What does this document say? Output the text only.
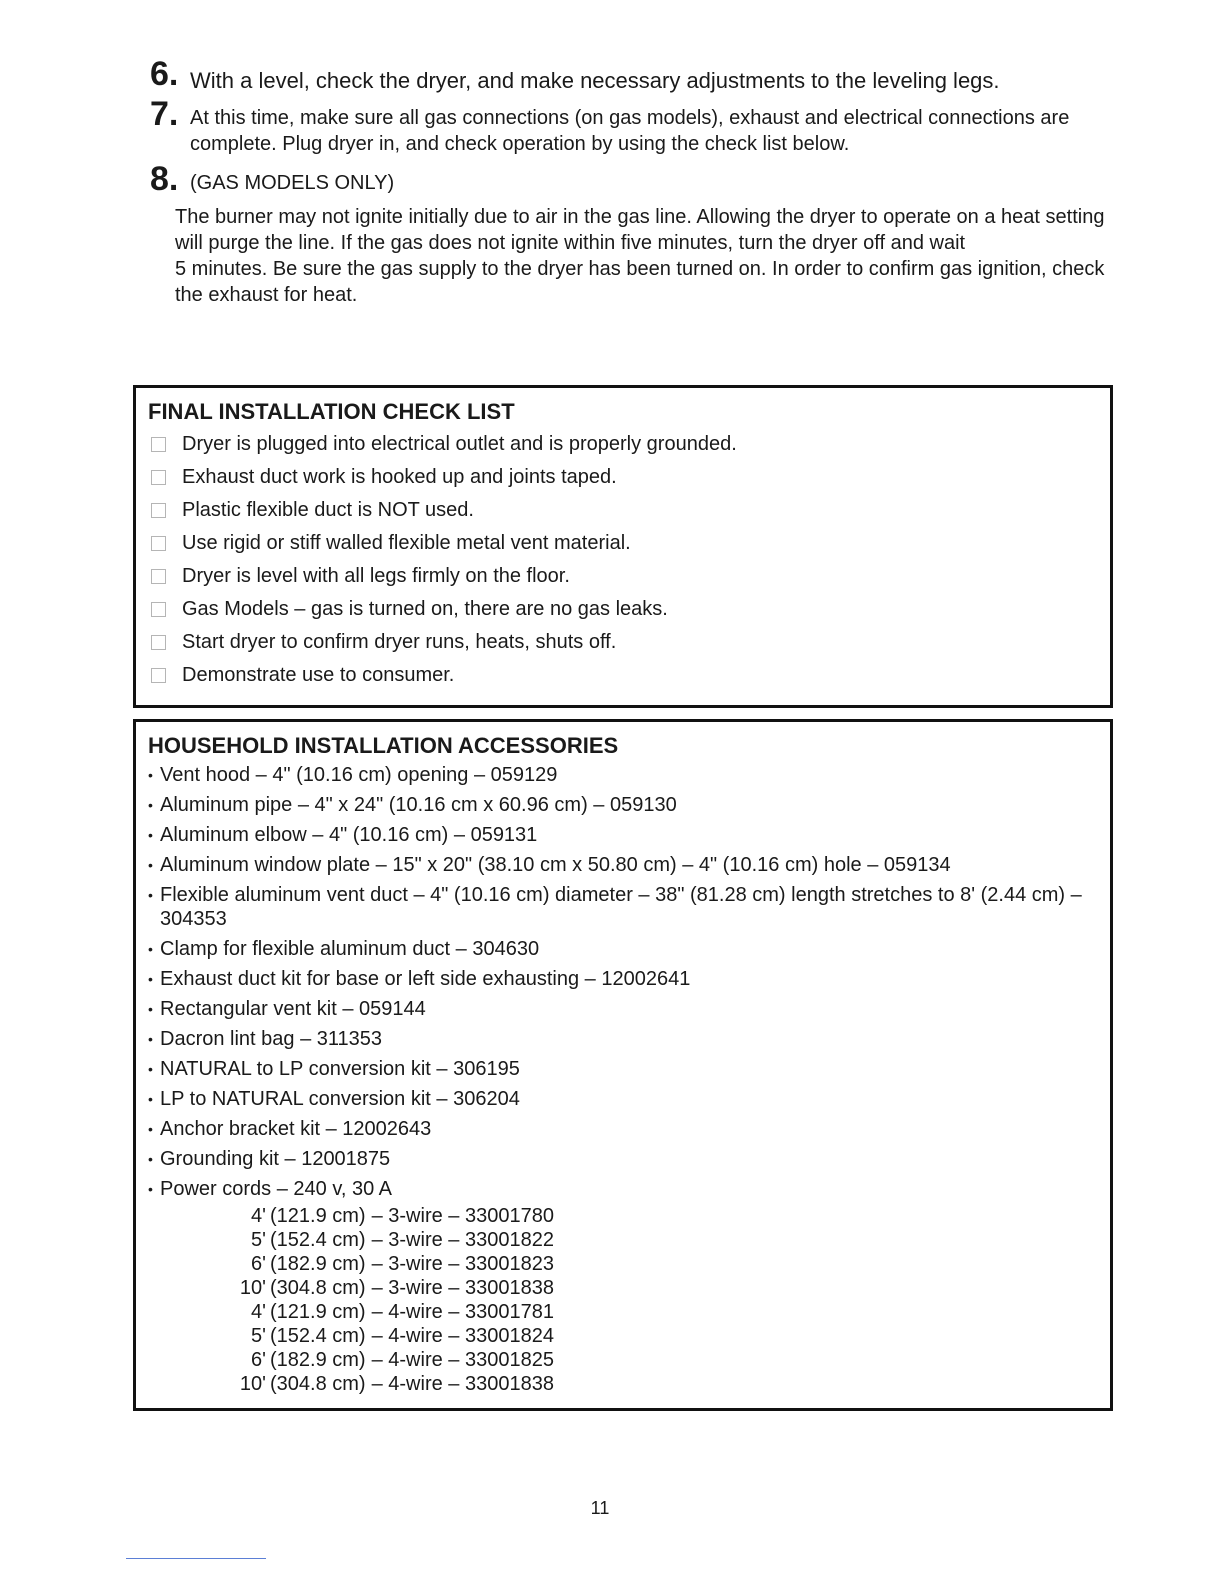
6. With a level, check the dryer, and make necessary adjustments to the leveling legs.
7. At this time, make sure all gas connections (on gas models), exhaust and electrical connections are complete. Plug dryer in, and check operation by using the check list below.
8. (GAS MODELS ONLY)
The burner may not ignite initially due to air in the gas line. Allowing the dryer to operate on a heat setting will purge the line. If the gas does not ignite within five minutes, turn the dryer off and wait
5 minutes. Be sure the gas supply to the dryer has been turned on. In order to confirm gas ignition, check the exhaust for heat.
FINAL INSTALLATION CHECK LIST
Dryer is plugged into electrical outlet and is properly grounded.
Exhaust duct work is hooked up and joints taped.
Plastic flexible duct is NOT used.
Use rigid or stiff walled flexible metal vent material.
Dryer is level with all legs firmly on the floor.
Gas Models – gas is turned on, there are no gas leaks.
Start dryer to confirm dryer runs, heats, shuts off.
Demonstrate use to consumer.
HOUSEHOLD INSTALLATION ACCESSORIES
• Vent hood – 4" (10.16 cm) opening – 059129
• Aluminum pipe – 4" x 24" (10.16 cm x 60.96 cm) – 059130
• Aluminum elbow – 4" (10.16 cm) – 059131
• Aluminum window plate – 15" x 20" (38.10 cm x 50.80 cm) – 4" (10.16 cm) hole – 059134
• Flexible aluminum vent duct – 4" (10.16 cm) diameter – 38" (81.28 cm) length stretches to 8' (2.44 cm) – 304353
• Clamp for flexible aluminum duct – 304630
• Exhaust duct kit for base or left side exhausting – 12002641
• Rectangular vent kit – 059144
• Dacron lint bag – 311353
• NATURAL to LP conversion kit – 306195
• LP to NATURAL conversion kit – 306204
• Anchor bracket kit – 12002643
• Grounding kit – 12001875
• Power cords – 240 v, 30 A
4' (121.9 cm) – 3-wire – 33001780
5' (152.4 cm) – 3-wire – 33001822
6' (182.9 cm) – 3-wire – 33001823
10' (304.8 cm) – 3-wire – 33001838
4' (121.9 cm) – 4-wire – 33001781
5' (152.4 cm) – 4-wire – 33001824
6' (182.9 cm) – 4-wire – 33001825
10' (304.8 cm) – 4-wire – 33001838
11
